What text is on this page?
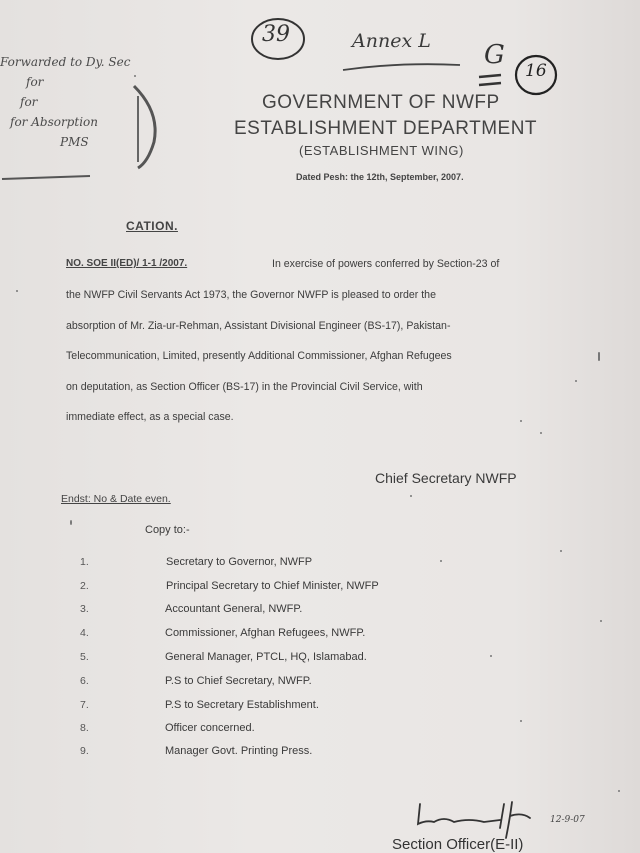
39	Annex L G
16
Forwarded to Dy. Sec
for
for
for Absorption
PMS
GOVERNMENT OF NWFP
ESTABLISHMENT DEPARTMENT
(ESTABLISHMENT WING)
Dated Pesh: the 12th, September, 2007.
CATION.
NO. SOE II(ED)/ 1-1 /2007.	In exercise of powers conferred by Section-23 of
the NWFP Civil Servants Act 1973, the Governor NWFP is pleased to order the
absorption of Mr. Zia-ur-Rehman, Assistant Divisional Engineer (BS-17), Pakistan-
Telecommunication, Limited, presently Additional Commissioner, Afghan Refugees
on deputation, as Section Officer (BS-17) in the Provincial Civil Service, with
immediate effect, as a special case.
Chief Secretary NWFP
Endst: No & Date even.
Copy to:-
1.	Secretary to Governor, NWFP
2.	Principal Secretary to Chief Minister, NWFP
3.	Accountant General, NWFP.
4.	Commissioner, Afghan Refugees, NWFP.
5.	General Manager, PTCL, HQ, Islamabad.
6.	P.S to Chief Secretary, NWFP.
7.	P.S to Secretary Establishment.
8.	Officer concerned.
9.	Manager Govt. Printing Press.
12-9-07
Section Officer(E-II)
